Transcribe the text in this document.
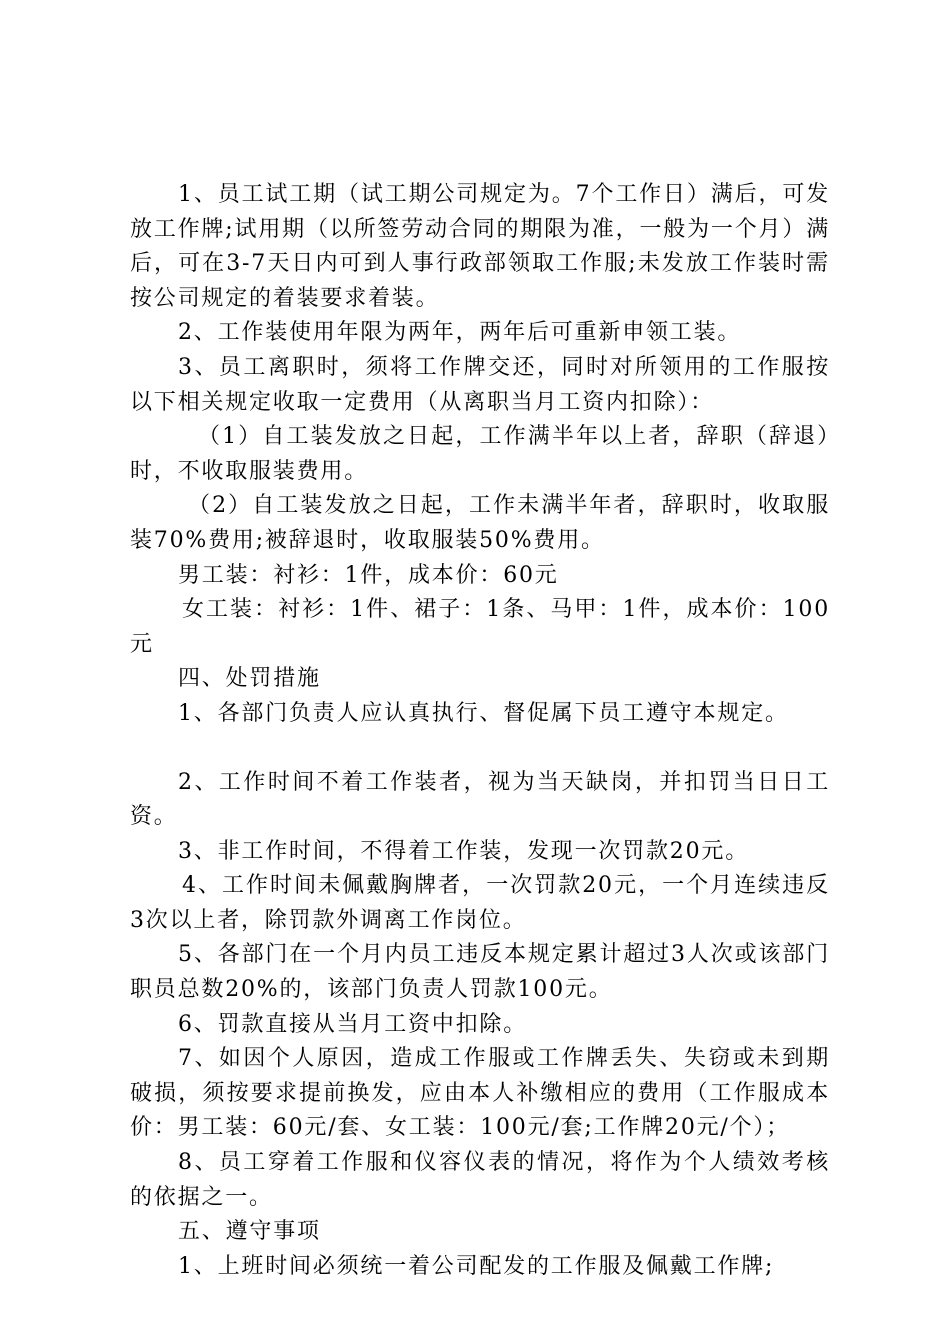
1、员工试工期（试工期公司规定为。7个工作日）满后，可发放工作牌;试用期（以所签劳动合同的期限为准，一般为一个月）满后，可在3-7天日内可到人事行政部领取工作服;未发放工作装时需按公司规定的着装要求着装。

2、工作装使用年限为两年，两年后可重新申领工装。

3、员工离职时，须将工作牌交还，同时对所领用的工作服按以下相关规定收取一定费用（从离职当月工资内扣除）：

（1）自工装发放之日起，工作满半年以上者，辞职（辞退）时，不收取服装费用。

（2）自工装发放之日起，工作未满半年者，辞职时，收取服装70%费用;被辞退时，收取服装50%费用。

男工装：衬衫：1件，成本价：60元

女工装：衬衫：1件、裙子：1条、马甲：1件，成本价：100元

四、处罚措施

1、各部门负责人应认真执行、督促属下员工遵守本规定。

2、工作时间不着工作装者，视为当天缺岗，并扣罚当日日工资。

3、非工作时间，不得着工作装，发现一次罚款20元。

4、工作时间未佩戴胸牌者，一次罚款20元，一个月连续违反3次以上者，除罚款外调离工作岗位。

5、各部门在一个月内员工违反本规定累计超过3人次或该部门职员总数20%的，该部门负责人罚款100元。

6、罚款直接从当月工资中扣除。

7、如因个人原因，造成工作服或工作牌丢失、失窃或未到期破损，须按要求提前换发，应由本人补缴相应的费用（工作服成本价：男工装：60元/套、女工装：100元/套;工作牌20元/个）；

8、员工穿着工作服和仪容仪表的情况，将作为个人绩效考核的依据之一。

五、遵守事项

1、上班时间必须统一着公司配发的工作服及佩戴工作牌;
